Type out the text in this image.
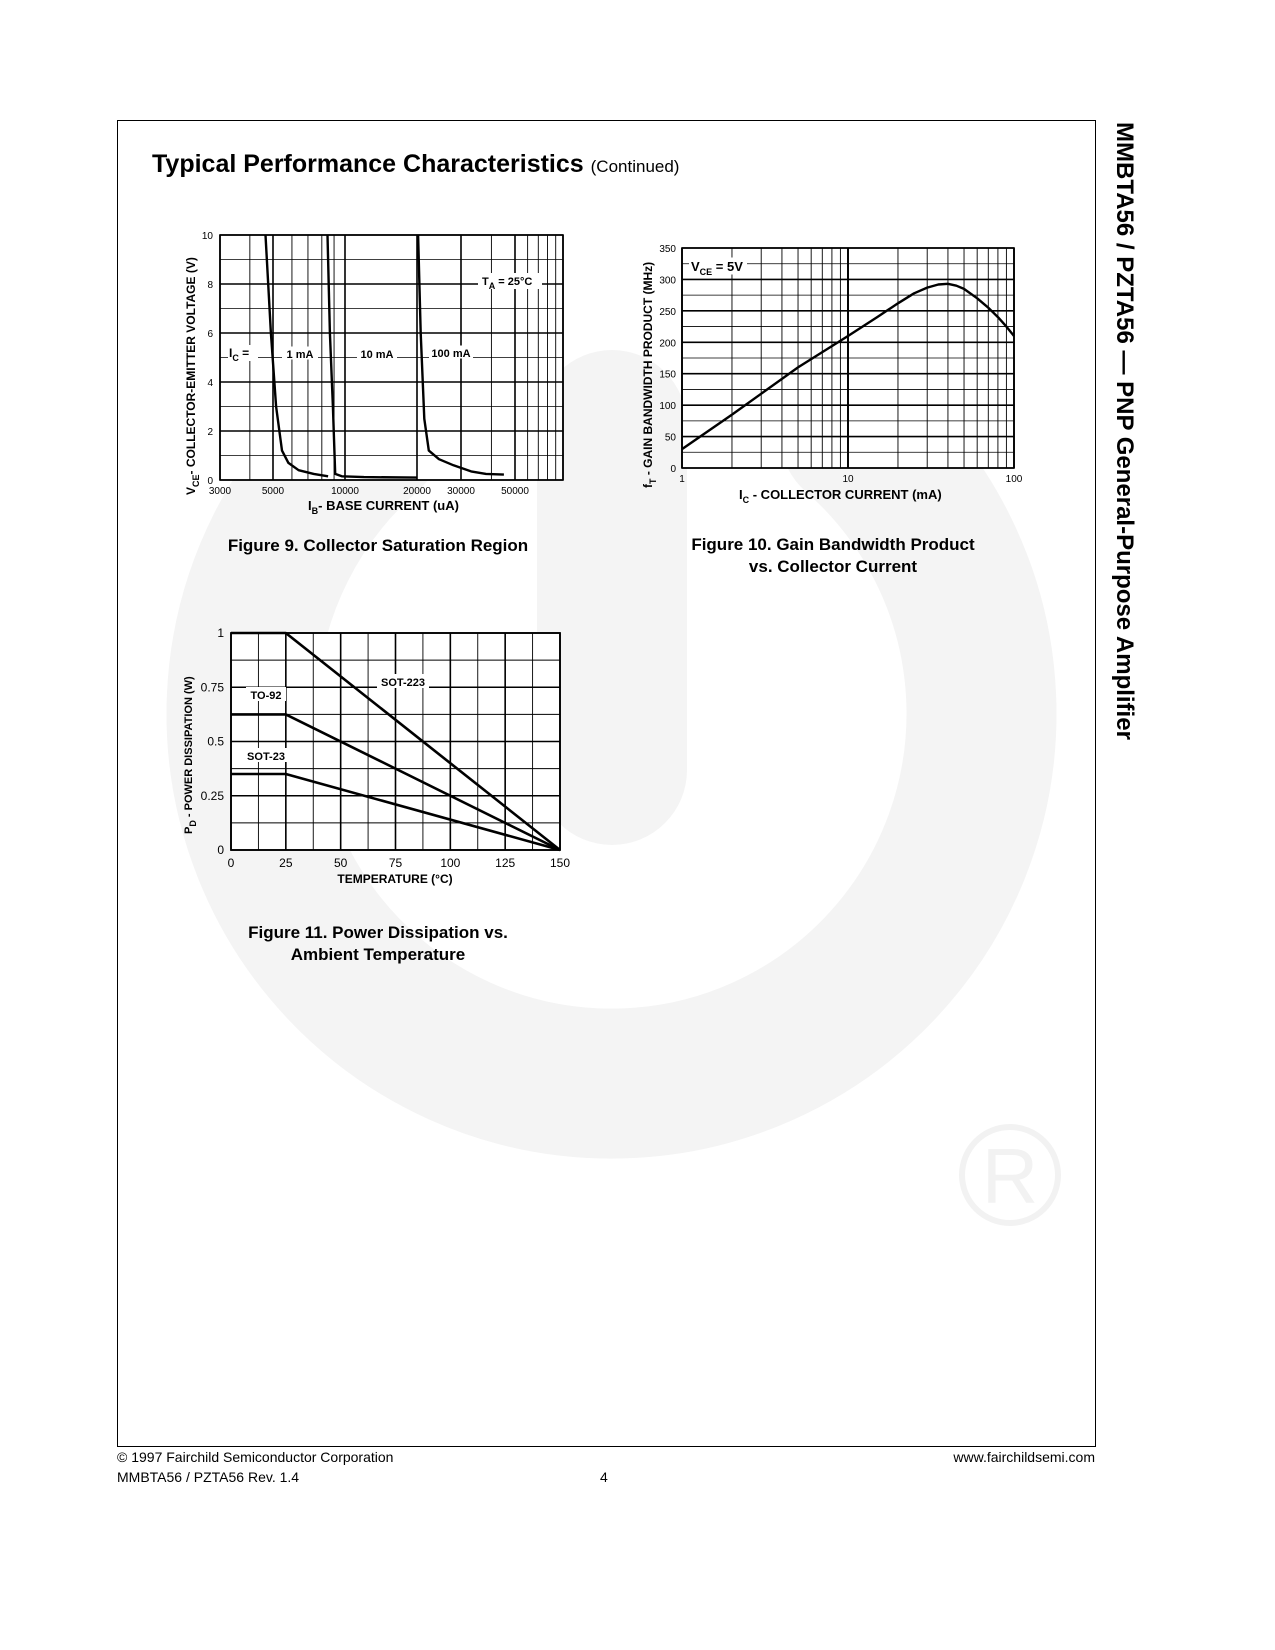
R
Typical Performance Characteristics (Continued)	MMBTA56 / PZTA56 — PNP General-Purpose Amplifier
0
2
4
6
8
10
3000	5000	10000	20000 30000	50000
$I_B-$ BASE CURRENT (uA)
$V_{CE}-$ COLLECTOR-EMITTER VOLTAGE (V)	1 mA	10 mA	100 mA
$I_C$ =
$T_A = 25^\circ C$

Figure 9. Collector Saturation Region

0
50
100
150
200
250
300
350
1	10	100
$I_C$ - COLLECTOR CURRENT (mA)
$f_T$ - GAIN BANDWIDTH PRODUCT (MHz)	$V_{CE} = 5V$

Figure 10. Gain Bandwidth Product
vs. Collector Current

0
0.25
0.5
0.75
1
0	25	50	75	100	125	150
TEMPERATURE (°C)
$P_D$ - POWER DISSIPATION (W)	SOT-223
TO-92
SOT-23

Figure 11. Power Dissipation vs.
Ambient Temperature

© 1997 Fairchild Semiconductor Corporation	www.fairchildsemi.com

MMBTA56 / PZTA56 Rev. 1.4	4
